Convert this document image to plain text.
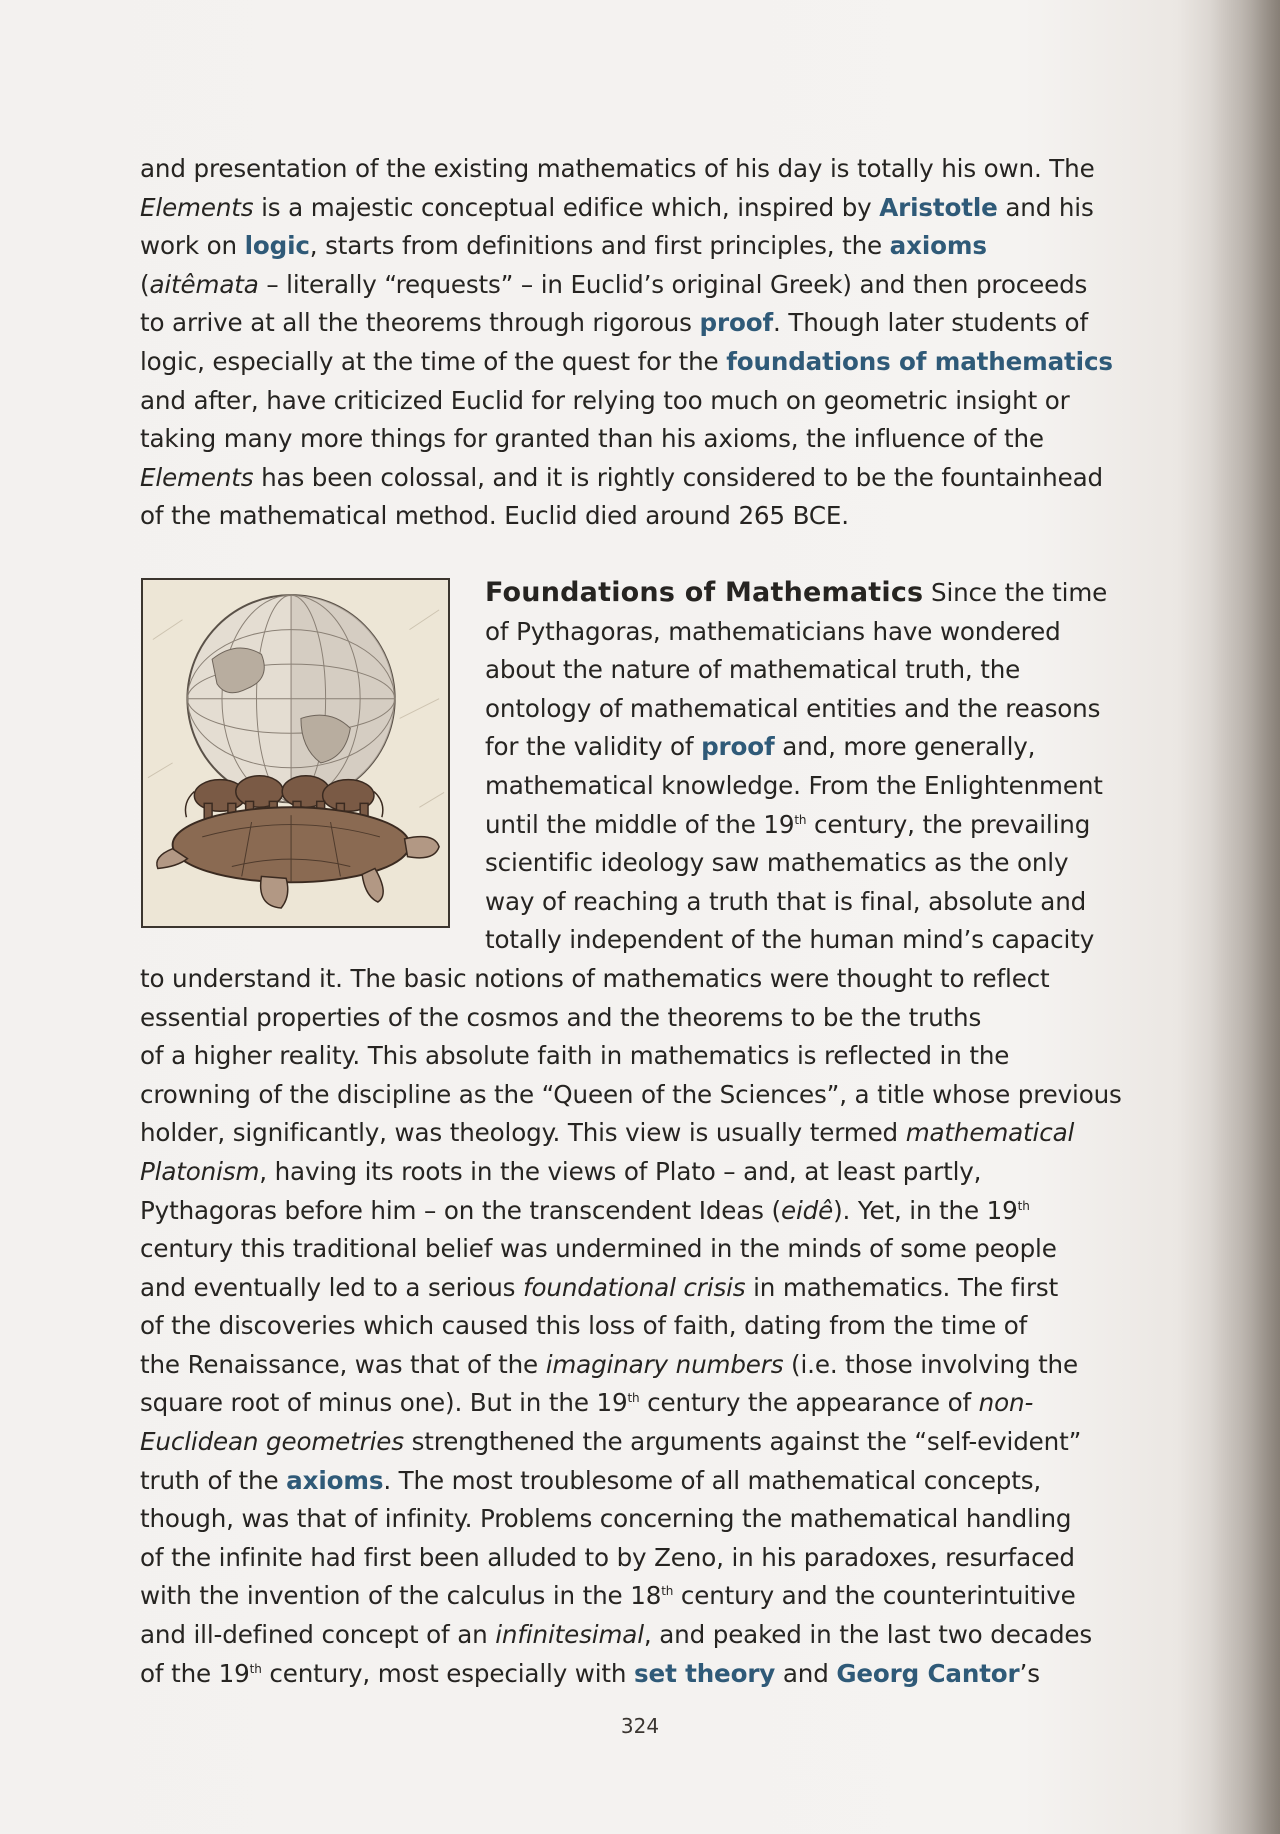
and presentation of the existing mathematics of his day is totally his own. The
Elements is a majestic conceptual edifice which, inspired by Aristotle and his
work on logic, starts from definitions and first principles, the axioms
(aitêmata – literally “requests” – in Euclid’s original Greek) and then proceeds
to arrive at all the theorems through rigorous proof. Though later students of
logic, especially at the time of the quest for the foundations of mathematics
and after, have criticized Euclid for relying too much on geometric insight or
taking many more things for granted than his axioms, the influence of the
Elements has been colossal, and it is rightly considered to be the fountainhead
of the mathematical method. Euclid died around 265 BCE.
Foundations of Mathematics Since the time
of Pythagoras, mathematicians have wondered
about the nature of mathematical truth, the
ontology of mathematical entities and the reasons
for the validity of proof and, more generally,
mathematical knowledge. From the Enlightenment
until the middle of the 19th century, the prevailing
scientific ideology saw mathematics as the only
way of reaching a truth that is final, absolute and
totally independent of the human mind’s capacity
to understand it. The basic notions of mathematics were thought to reflect
essential properties of the cosmos and the theorems to be the truths
of a higher reality. This absolute faith in mathematics is reflected in the
crowning of the discipline as the “Queen of the Sciences”, a title whose previous
holder, significantly, was theology. This view is usually termed mathematical
Platonism, having its roots in the views of Plato – and, at least partly,
Pythagoras before him – on the transcendent Ideas (eidê). Yet, in the 19th
century this traditional belief was undermined in the minds of some people
and eventually led to a serious foundational crisis in mathematics. The first
of the discoveries which caused this loss of faith, dating from the time of
the Renaissance, was that of the imaginary numbers (i.e. those involving the
square root of minus one). But in the 19th century the appearance of non-
Euclidean geometries strengthened the arguments against the “self-evident”
truth of the axioms. The most troublesome of all mathematical concepts,
though, was that of infinity. Problems concerning the mathematical handling
of the infinite had first been alluded to by Zeno, in his paradoxes, resurfaced
with the invention of the calculus in the 18th century and the counterintuitive
and ill-defined concept of an infinitesimal, and peaked in the last two decades
of the 19th century, most especially with set theory and Georg Cantor’s
324
